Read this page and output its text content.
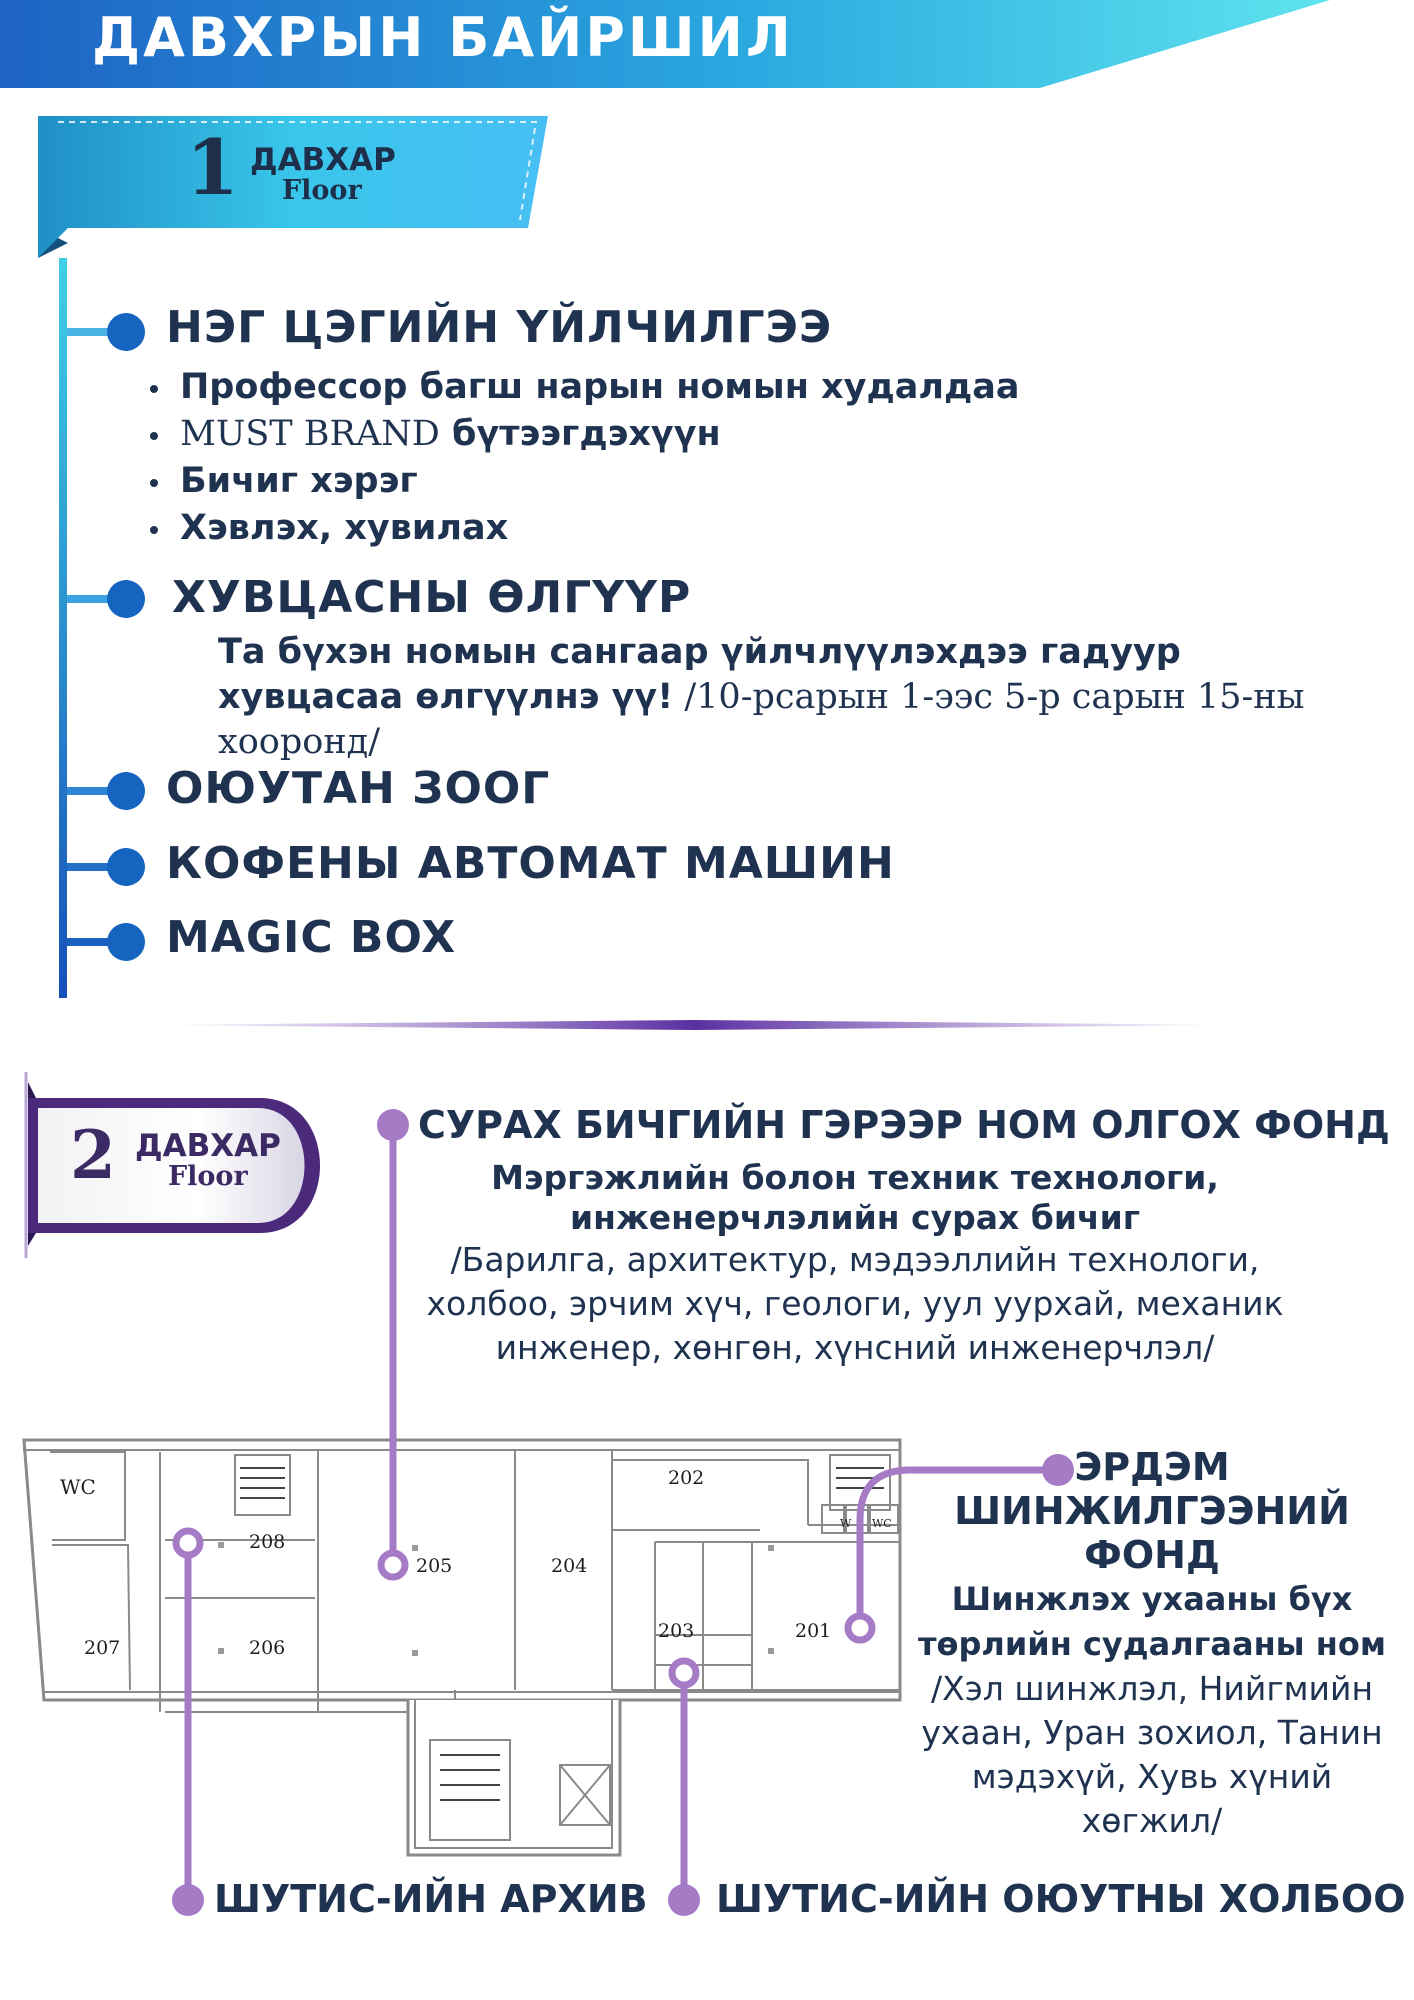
ДАВХРЫН БАЙРШИЛ
1 ДАВХАР
Floor
НЭГ ЦЭГИЙН ҮЙЛЧИЛГЭЭ
Профессор багш нарын номын худалдаа
MUST BRAND бүтээгдэхүүн
Бичиг хэрэг
Хэвлэх, хувилах
ХУВЦАСНЫ ӨЛГҮҮР
Та бүхэн номын сангаар үйлчлүүлэхдээ гадуур хувцасаа өлгүүлнэ үү! /10-рсарын 1-ээс 5-р сарын 15-ны хооронд/
ОЮУТАН ЗООГ
КОФЕНЫ АВТОМАТ МАШИН
MAGIC BOX
2 ДАВХАР
Floor
WC
W WC
202
208
205	204
203	201
207	206
СУРАХ БИЧГИЙН ГЭРЭЭР НОМ ОЛГОХ ФОНД
Мэргэжлийн болон техник технологи,
инженерчлэлийн сурах бичиг
/Барилга, архитектур, мэдээллийн технологи,
холбоо, эрчим хүч, геологи, уул уурхай, механик
инженер, хөнгөн, хүнсний инженерчлэл/
ЭРДЭМ
ШИНЖИЛГЭЭНИЙ
ФОНД
Шинжлэх ухааны бүх
төрлийн судалгааны ном
/Хэл шинжлэл, Нийгмийн
ухаан, Уран зохиол, Танин
мэдэхүй, Хувь хүний
хөгжил/
ШУТИС-ИЙН АРХИВ ШУТИС-ИЙН ОЮУТНЫ ХОЛБОО
